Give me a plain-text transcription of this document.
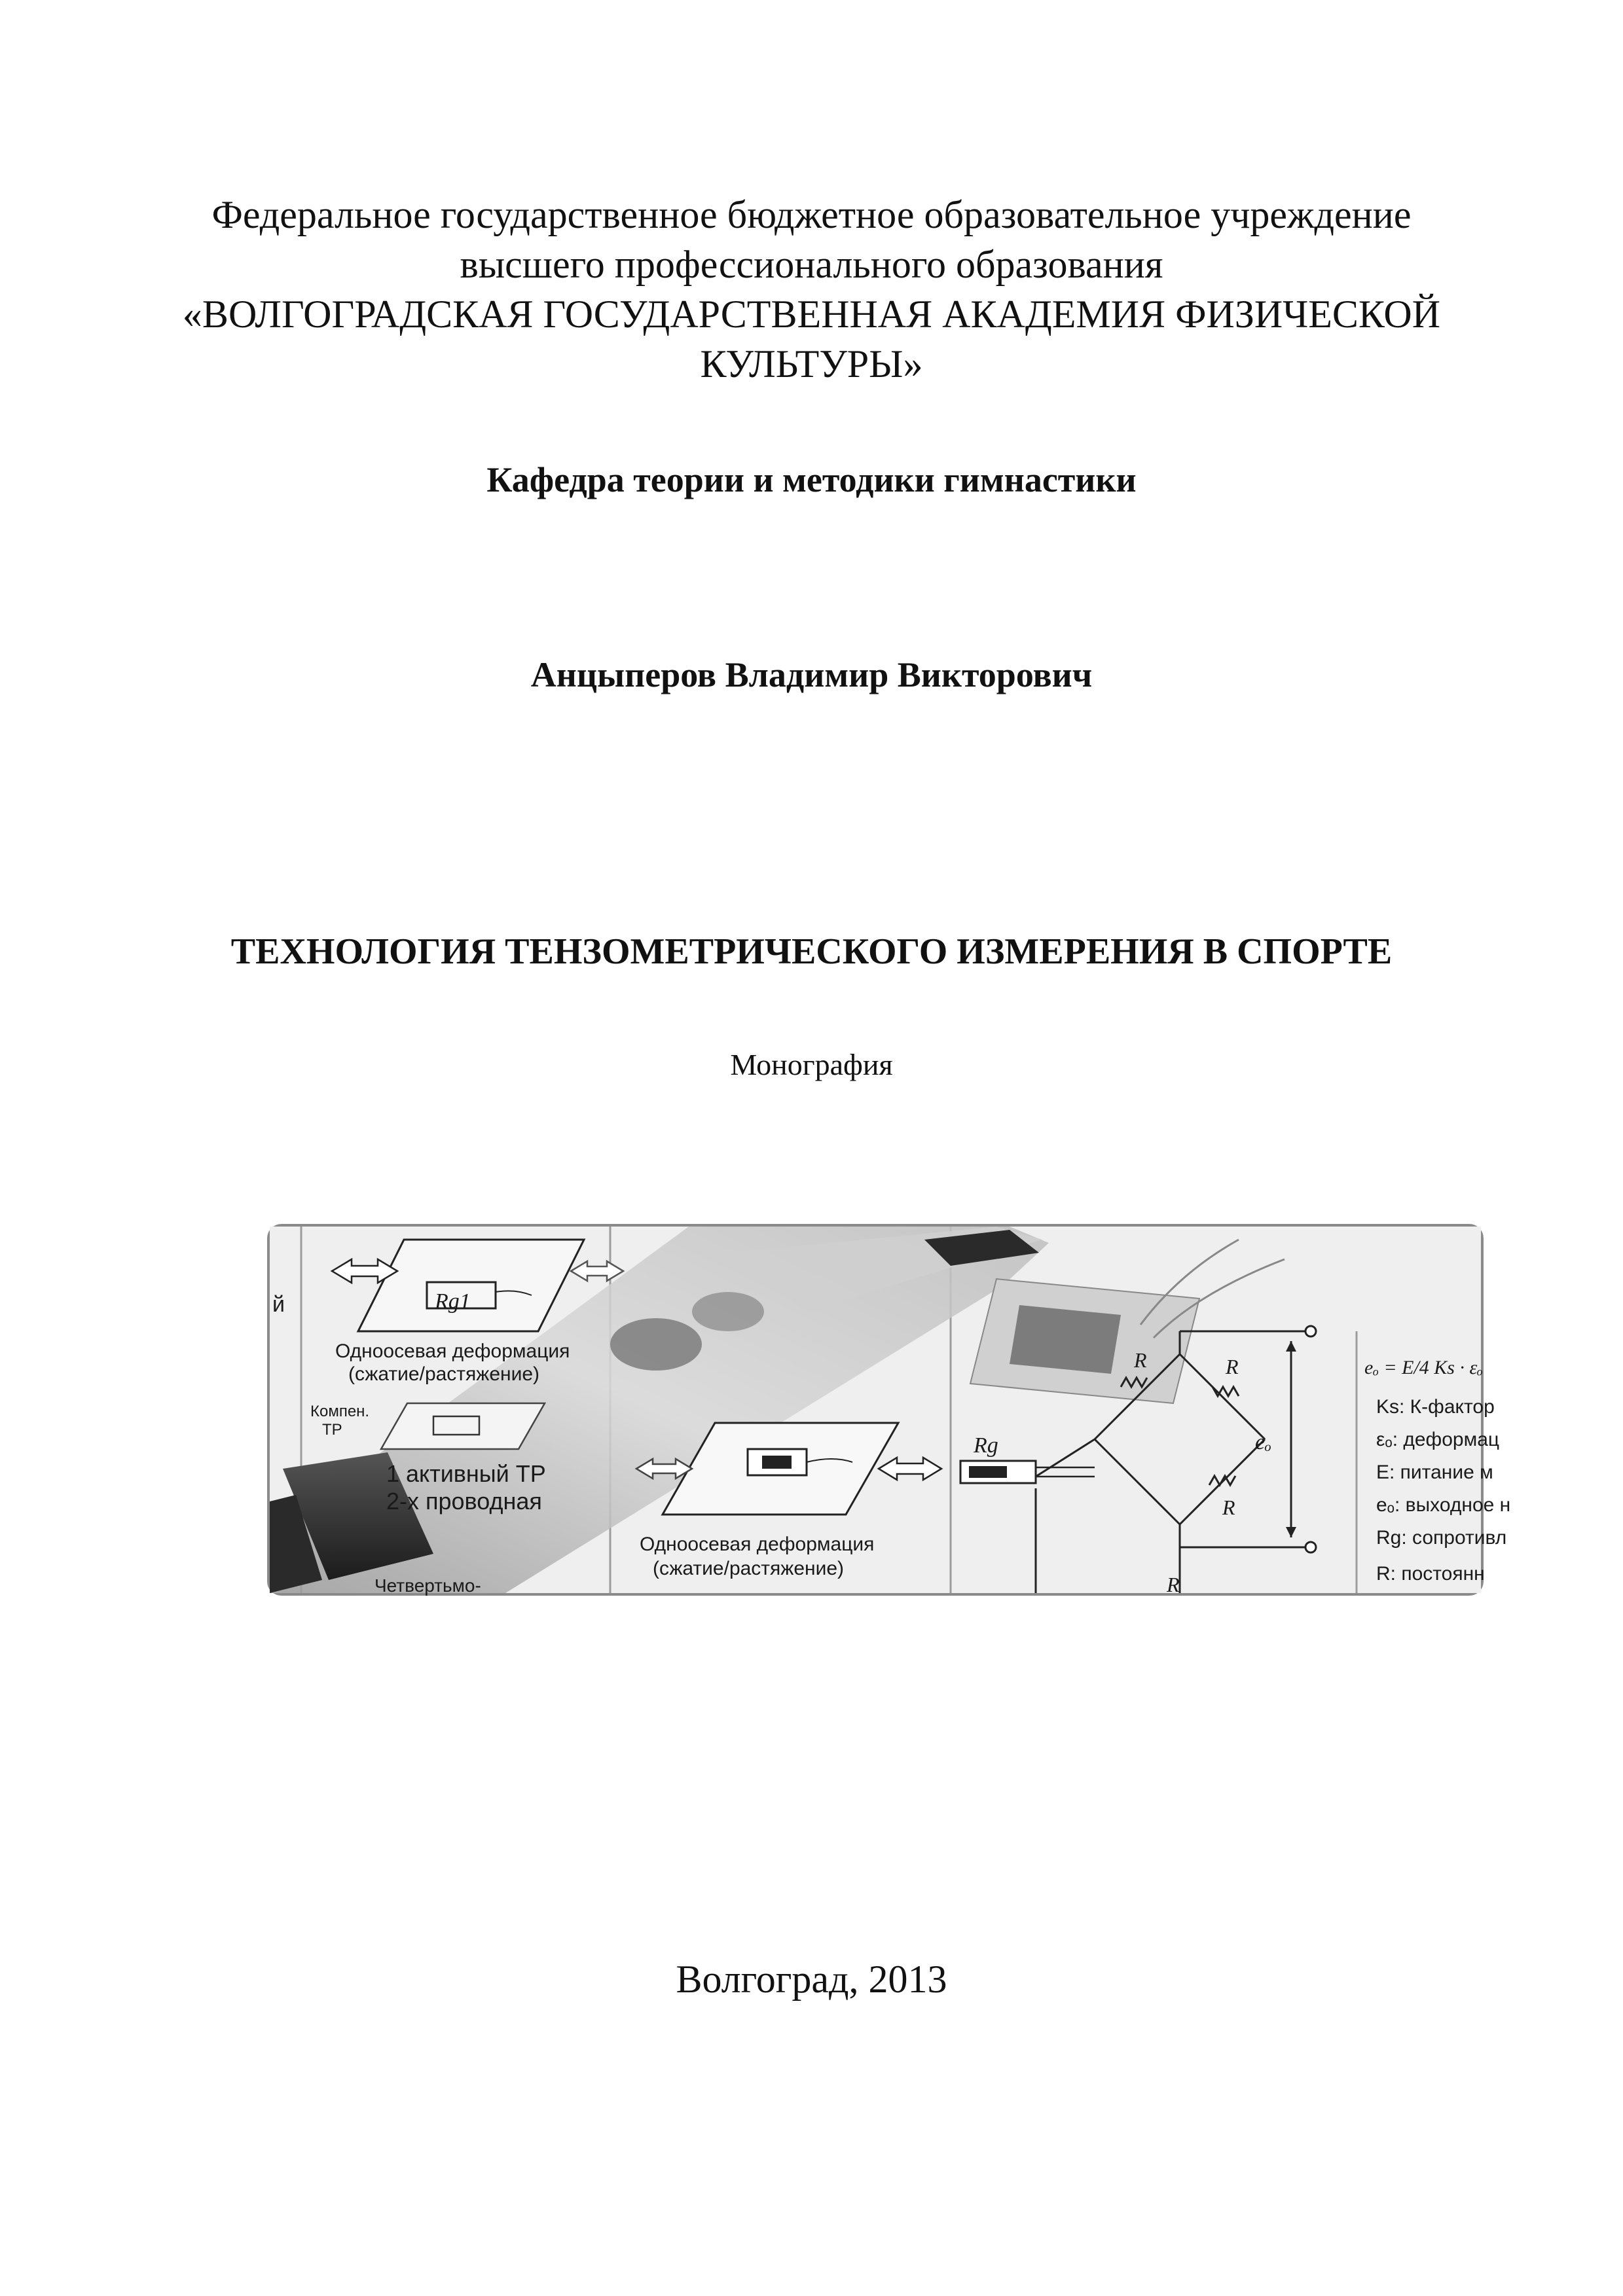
Федеральное государственное бюджетное образовательное учреждение
высшего профессионального образования
«ВОЛГОГРАДСКАЯ ГОСУДАРСТВЕННАЯ АКАДЕМИЯ ФИЗИЧЕСКОЙ
КУЛЬТУРЫ»
Кафедра теории и методики гимнастики
Анцыперов Владимир Викторович
ТЕХНОЛОГИЯ ТЕНЗОМЕТРИЧЕСКОГО ИЗМЕРЕНИЯ В СПОРТЕ
Монография
й	Rg1
Одноосевая деформация
(сжатие/растяжение)
Компен.
ТР
1 активный ТР
2-х проводная
Четвертьмо-
Одноосевая деформация
(сжатие/растяжение)
Rg
R	R
R
R
eₒ
eₒ = E/4 Ks · εₒ
Ks: К-фактор
εₒ: деформац
E: питание м
eₒ: выходное н
Rg: сопротивл
R: постоянн
Волгоград, 2013
